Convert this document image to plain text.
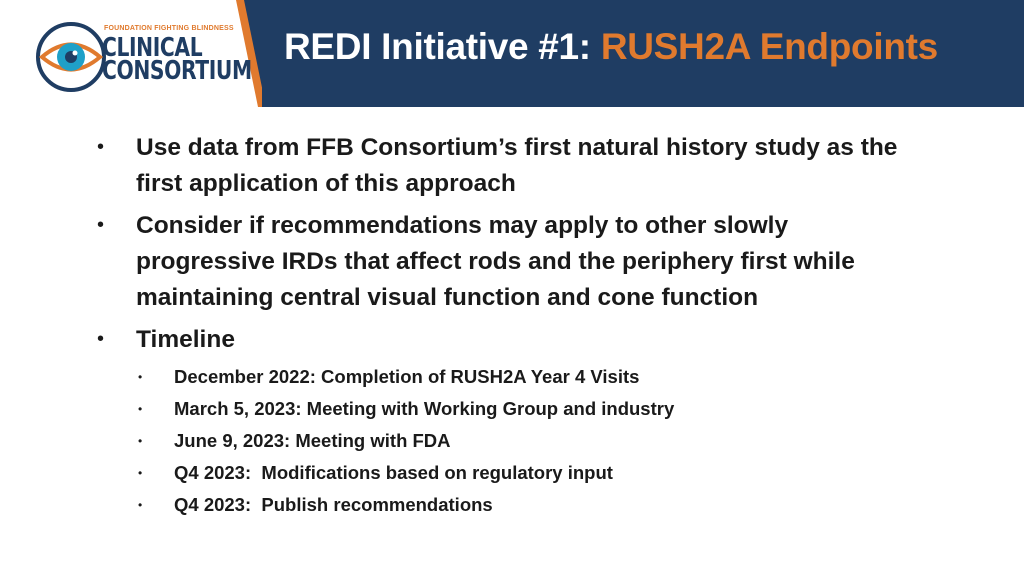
FOUNDATION FIGHTING BLINDNESS
CLINICAL
CONSORTIUM
REDI Initiative #1: RUSH2A Endpoints
• Use data from FFB Consortium’s first natural history study as the first application of this approach
• Consider if recommendations may apply to other slowly progressive IRDs that affect rods and the periphery first while maintaining central visual function and cone function
• Timeline
• December 2022: Completion of RUSH2A Year 4 Visits
• March 5, 2023: Meeting with Working Group and industry
• June 9, 2023: Meeting with FDA
• Q4 2023:  Modifications based on regulatory input
• Q4 2023:  Publish recommendations
